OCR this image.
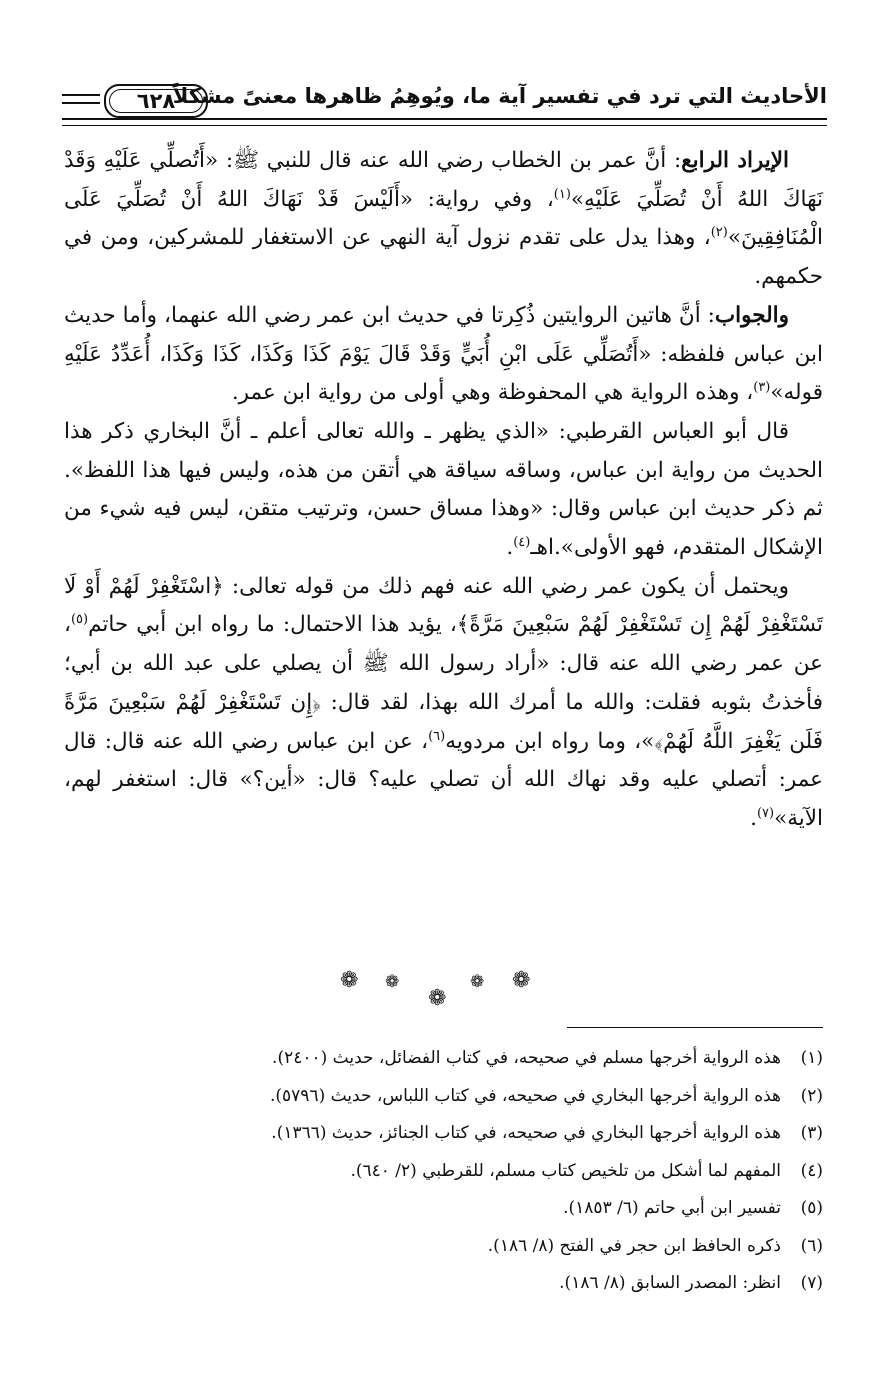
الأحاديث التي ترد في تفسير آية ما، ويُوهِمُ ظاهرها معنىً مشكلاً
٦٢٨

الإيراد الرابع: أنَّ عمر بن الخطاب رضي الله عنه قال للنبي ﷺ: «أَتُصلِّي عَلَيْهِ وَقَدْ نَهَاكَ اللهُ أَنْ تُصَلِّيَ عَلَيْهِ»$^{(١)}$، وفي رواية: «أَلَيْسَ قَدْ نَهَاكَ اللهُ أَنْ تُصَلِّيَ عَلَى الْمُنَافِقِينَ»$^{(٢)}$، وهذا يدل على تقدم نزول آية النهي عن الاستغفار للمشركين، ومن في حكمهم.

والجواب: أنَّ هاتين الروايتين ذُكِرتا في حديث ابن عمر رضي الله عنهما، وأما حديث ابن عباس فلفظه: «أَتُصَلِّي عَلَى ابْنِ أُبَيٍّ وَقَدْ قَالَ يَوْمَ كَذَا وَكَذَا، كَذَا وَكَذَا، أُعَدِّدُ عَلَيْهِ قوله»$^{(٣)}$، وهذه الرواية هي المحفوظة وهي أولى من رواية ابن عمر.

قال أبو العباس القرطبي: «الذي يظهر ـ والله تعالى أعلم ـ أنَّ البخاري ذكر هذا الحديث من رواية ابن عباس، وساقه سياقة هي أتقن من هذه، وليس فيها هذا اللفظ». ثم ذكر حديث ابن عباس وقال: «وهذا مساق حسن، وترتيب متقن، ليس فيه شيء من الإشكال المتقدم، فهو الأولى».اهـ$^{(٤)}$.

ويحتمل أن يكون عمر رضي الله عنه فهم ذلك من قوله تعالى: ﴿اسْتَغْفِرْ لَهُمْ أَوْ لَا تَسْتَغْفِرْ لَهُمْ إِن تَسْتَغْفِرْ لَهُمْ سَبْعِينَ مَرَّةً﴾، يؤيد هذا الاحتمال: ما رواه ابن أبي حاتم$^{(٥)}$، عن عمر رضي الله عنه قال: «أراد رسول الله ﷺ أن يصلي على عبد الله بن أبي؛ فأخذتُ بثوبه فقلت: والله ما أمرك الله بهذا، لقد قال: ﴿إِن تَسْتَغْفِرْ لَهُمْ سَبْعِينَ مَرَّةً فَلَن يَغْفِرَ اللَّهُ لَهُمْ﴾»، وما رواه ابن مردويه$^{(٦)}$، عن ابن عباس رضي الله عنه قال: قال عمر: أتصلي عليه وقد نهاك الله أن تصلي عليه؟ قال: «أين؟» قال: استغفر لهم، الآية»$^{(٧)}$.

❁ ❁
❁
❁ ❁
(١)
هذه الرواية أخرجها مسلم في صحيحه، في كتاب الفضائل، حديث (٢٤٠٠).
(٢)
هذه الرواية أخرجها البخاري في صحيحه، في كتاب اللباس، حديث (٥٧٩٦).
(٣)
هذه الرواية أخرجها البخاري في صحيحه، في كتاب الجنائز، حديث (١٣٦٦).
(٤)
المفهم لما أشكل من تلخيص كتاب مسلم، للقرطبي (٢/ ٦٤٠).
(٥)
تفسير ابن أبي حاتم (٦/ ١٨٥٣).
(٦)
ذكره الحافظ ابن حجر في الفتح (٨/ ١٨٦).
(٧)
انظر: المصدر السابق (٨/ ١٨٦).
